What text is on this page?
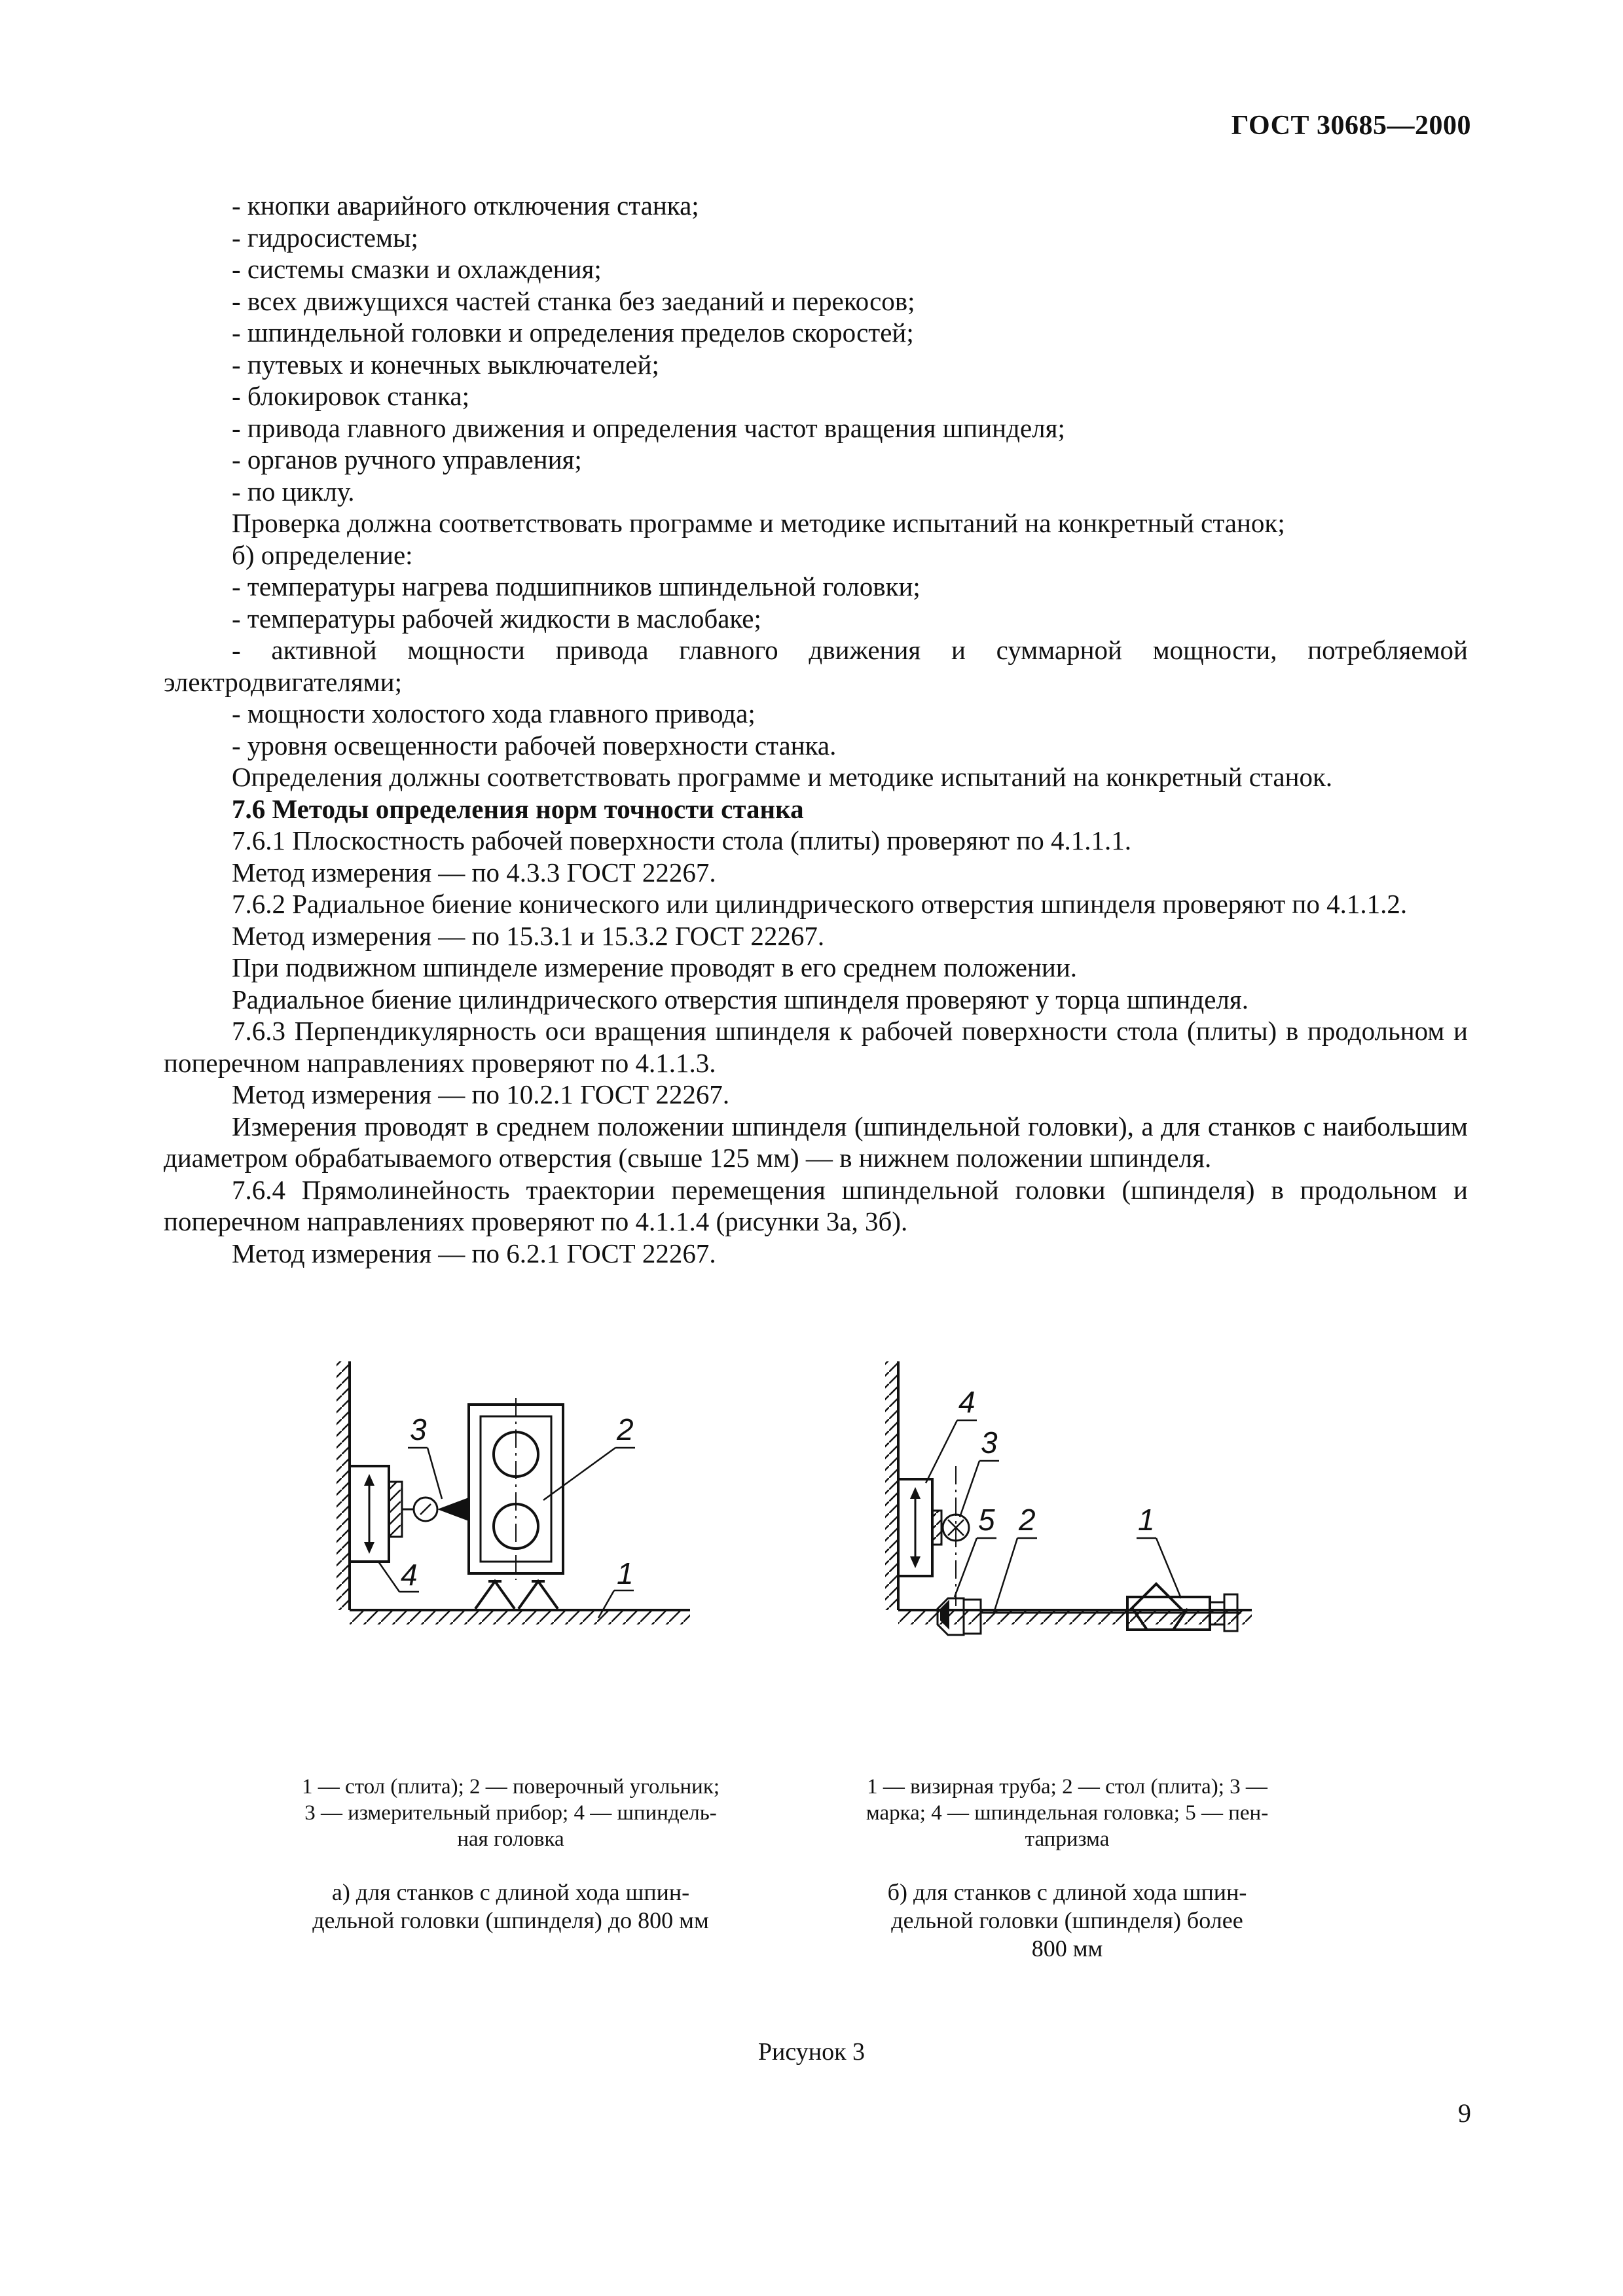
ГОСТ 30685—2000

- кнопки аварийного отключения станка;

- гидросистемы;

- системы смазки и охлаждения;

- всех движущихся частей станка без заеданий и перекосов;

- шпиндельной головки и определения пределов скоростей;

- путевых и конечных выключателей;

- блокировок станка;

- привода главного движения и определения частот вращения шпинделя;

- органов ручного управления;

- по циклу.

Проверка должна соответствовать программе и методике испытаний на конкретный станок;

б) определение:

- температуры нагрева подшипников шпиндельной головки;

- температуры рабочей жидкости в маслобаке;

- активной мощности привода главного движения и суммарной мощности, потребляемой электродвигателями;

- мощности холостого хода главного привода;

- уровня освещенности рабочей поверхности станка.

Определения должны соответствовать программе и методике испытаний на конкретный станок.

7.6 Методы определения норм точности станка

7.6.1 Плоскостность рабочей поверхности стола (плиты) проверяют по 4.1.1.1.

Метод измерения — по 4.3.3 ГОСТ 22267.

7.6.2 Радиальное биение конического или цилиндрического отверстия шпинделя проверяют по 4.1.1.2.

Метод измерения — по 15.3.1 и 15.3.2 ГОСТ 22267.

При подвижном шпинделе измерение проводят в его среднем положении.

Радиальное биение цилиндрического отверстия шпинделя проверяют у торца шпинделя.

7.6.3 Перпендикулярность оси вращения шпинделя к рабочей поверхности стола (плиты) в продольном и поперечном направлениях проверяют по 4.1.1.3.

Метод измерения — по 10.2.1 ГОСТ 22267.

Измерения проводят в среднем положении шпинделя (шпиндельной головки), а для станков с наибольшим диаметром обрабатываемого отверстия (свыше 125 мм) — в нижнем положении шпинделя.

7.6.4 Прямолинейность траектории перемещения шпиндельной головки (шпинделя) в продольном и поперечном направлениях проверяют по 4.1.1.4 (рисунки 3а, 3б).

Метод измерения — по 6.2.1 ГОСТ 22267.

3	2
4	1
4
3
5 2	1
1 — стол (плита); 2 — поверочный угольник;
3 — измерительный прибор; 4 — шпиндель-
ная головка
1 — визирная труба; 2 — стол (плита); 3 —
марка; 4 — шпиндельная головка; 5 — пен-
тапризма
а) для станков с длиной хода шпин-
дельной головки (шпинделя) до 800 мм
б) для станков с длиной хода шпин-
дельной головки (шпинделя) более
800 мм
Рисунок 3
9
